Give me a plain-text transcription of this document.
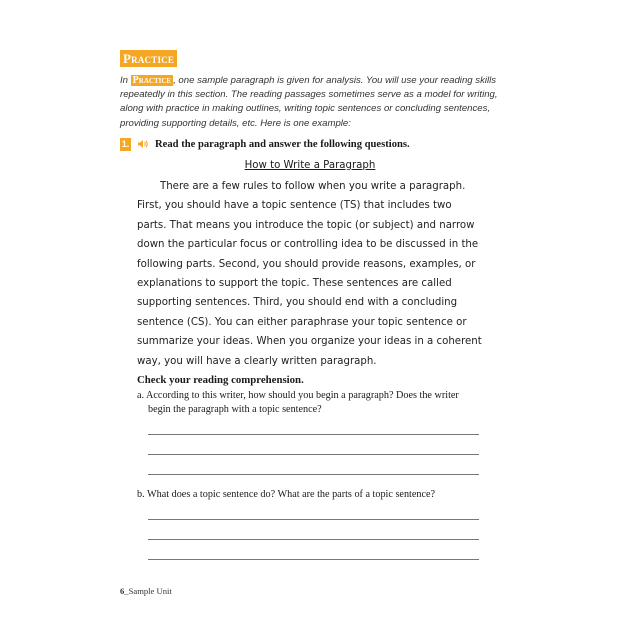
Practice
In Practice , one sample paragraph is given for analysis. You will use your reading skills repeatedly in this section. The reading passages sometimes serve as a model for writing, along with practice in making outlines, writing topic sentences or concluding sentences, providing supporting details, etc. Here is one example:
1. Read the paragraph and answer the following questions.
How to Write a Paragraph
There are a few rules to follow when you write a paragraph. First, you should have a topic sentence (TS) that includes two parts. That means you introduce the topic (or subject) and narrow down the particular focus or controlling idea to be discussed in the following parts. Second, you should provide reasons, examples, or explanations to support the topic. These sentences are called supporting sentences. Third, you should end with a concluding sentence (CS). You can either paraphrase your topic sentence or summarize your ideas. When you organize your ideas in a coherent way, you will have a clearly written paragraph.
Check your reading comprehension.
a. According to this writer, how should you begin a paragraph? Does the writer begin the paragraph with a topic sentence?
b. What does a topic sentence do? What are the parts of a topic sentence?
6_Sample Unit
